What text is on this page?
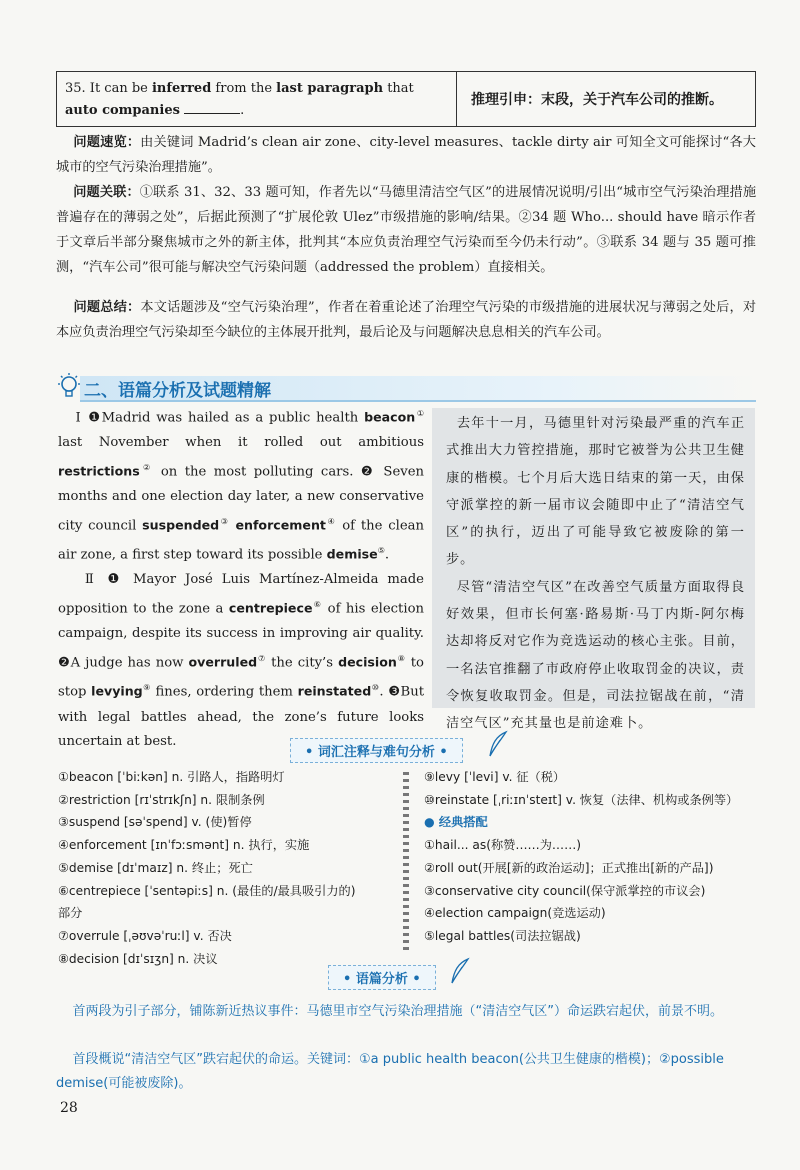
35. It can be inferred from the last paragraph that auto companies	.
推理引申：末段，关于汽车公司的推断。
问题速览：由关键词 Madrid’s clean air zone、city-level measures、tackle dirty air 可知全文可能探讨“各大城市的空气污染治理措施”。
问题关联：①联系 31、32、33 题可知，作者先以“马德里清洁空气区”的进展情况说明/引出“城市空气污染治理措施普遍存在的薄弱之处”，后据此预测了“扩展伦敦 Ulez”市级措施的影响/结果。②34 题 Who... should have 暗示作者于文章后半部分聚焦城市之外的新主体，批判其“本应负责治理空气污染而至今仍未行动”。③联系 34 题与 35 题可推测，“汽车公司”很可能与解决空气污染问题（addressed the problem）直接相关。
问题总结：本文话题涉及“空气污染治理”，作者在着重论述了治理空气污染的市级措施的进展状况与薄弱之处后，对本应负责治理空气污染却至今缺位的主体展开批判，最后论及与问题解决息息相关的汽车公司。
二、语篇分析及试题精解
Ⅰ ❶Madrid was hailed as a public health beacon① last November when it rolled out ambitious restrictions② on the most polluting cars. ❷ Seven months and one election day later, a new conservative city council suspended③ enforcement④ of the clean air zone, a first step toward its possible demise⑤.
Ⅱ ❶ Mayor José Luis Martínez-Almeida made opposition to the zone a centrepiece⑥ of his election campaign, despite its success in improving air quality. ❷A judge has now overruled⑦ the city’s decision⑧ to stop levying⑨ fines, ordering them reinstated⑩. ❸But with legal battles ahead, the zone’s future looks uncertain at best.
去年十一月，马德里针对污染最严重的汽车正式推出大力管控措施，那时它被誉为公共卫生健康的楷模。七个月后大选日结束的第一天，由保守派掌控的新一届市议会随即中止了“清洁空气区”的执行，迈出了可能导致它被废除的第一步。
尽管“清洁空气区”在改善空气质量方面取得良好效果，但市长何塞·路易斯·马丁内斯-阿尔梅达却将反对它作为竞选运动的核心主张。目前，一名法官推翻了市政府停止收取罚金的决议，责令恢复收取罚金。但是，司法拉锯战在前，“清洁空气区”充其量也是前途难卜。
• 词汇注释与难句分析 •
①beacon [ˈbiːkən] n. 引路人，指路明灯
②restriction [rɪˈstrɪkʃn] n. 限制条例
③suspend [səˈspend] v. (使)暂停
④enforcement [ɪnˈfɔːsmənt] n. 执行，实施
⑤demise [dɪˈmaɪz] n. 终止；死亡
⑥centrepiece [ˈsentəpiːs] n. (最佳的/最具吸引力的)
部分
⑦overrule [ˌəʊvəˈruːl] v. 否决
⑧decision [dɪˈsɪʒn] n. 决议
⑨levy [ˈlevi] v. 征（税）
⑩reinstate [ˌriːɪnˈsteɪt] v. 恢复（法律、机构或条例等）
● 经典搭配
①hail... as(称赞……为……)
②roll out(开展[新的政治运动]；正式推出[新的产品])
③conservative city council(保守派掌控的市议会)
④election campaign(竞选运动)
⑤legal battles(司法拉锯战)
• 语篇分析 •
首两段为引子部分，铺陈新近热议事件：马德里市空气污染治理措施（“清洁空气区”）命运跌宕起伏，前景不明。
首段概说“清洁空气区”跌宕起伏的命运。关键词：①a public health beacon(公共卫生健康的楷模)；②possible demise(可能被废除)。
28
